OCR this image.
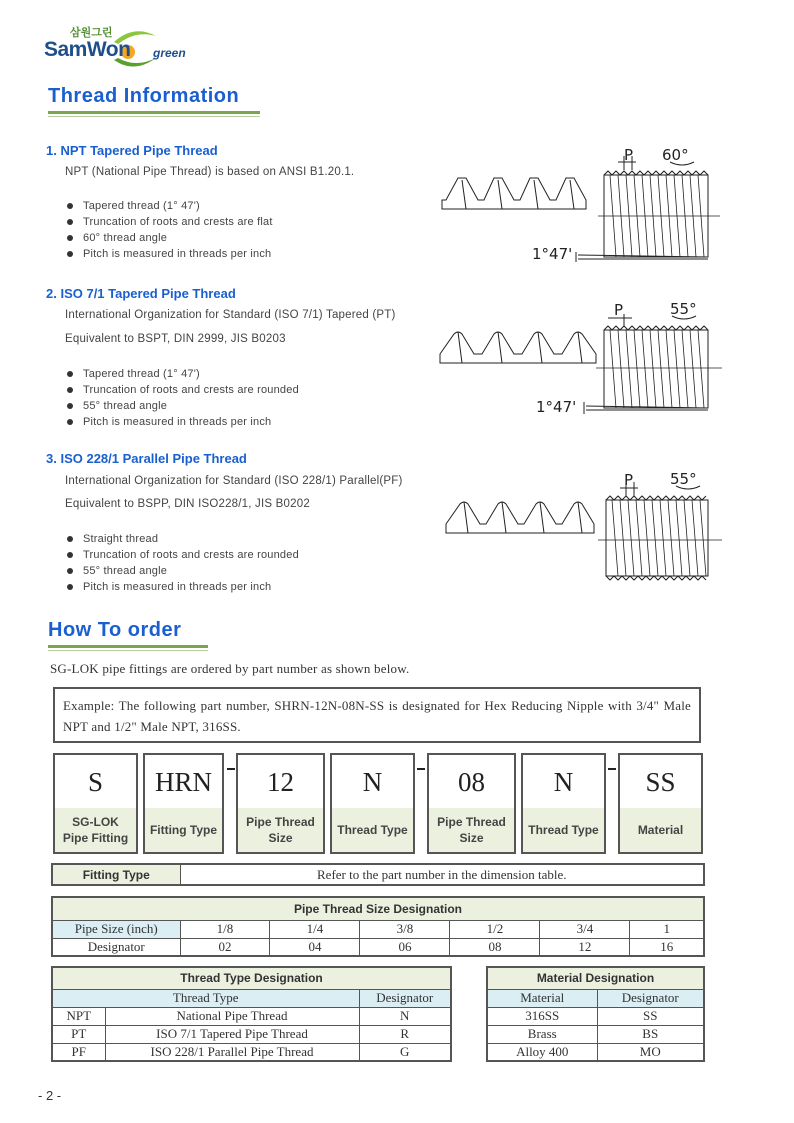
삼원그린
SamWon green
Thread Information
1. NPT Tapered Pipe Thread
NPT (National Pipe Thread) is based on ANSI B1.20.1.
Tapered thread (1° 47')
Truncation of roots and crests are flat
60° thread angle
Pitch is measured in threads per inch
2. ISO 7/1 Tapered Pipe Thread
International Organization for Standard (ISO 7/1) Tapered (PT)
Equivalent to BSPT, DIN 2999, JIS B0203
Tapered thread (1° 47')
Truncation of roots and crests are rounded
55° thread angle
Pitch is measured in threads per inch
3. ISO 228/1 Parallel Pipe Thread
International Organization for Standard (ISO 228/1) Parallel(PF)
Equivalent to BSPP, DIN ISO228/1, JIS B0202
Straight thread
Truncation of roots and crests are rounded
55° thread angle
Pitch is measured in threads per inch
P 60°
1°47'
P	55°
1°47'
P 55°
How To order
SG-LOK pipe fittings are ordered by part number as shown below.
Example: The following part number, SHRN-12N-08N-SS is designated for Hex Reducing Nipple with 3/4" Male NPT and 1/2" Male NPT, 316SS.
S
SG-LOK
Pipe Fitting
HRN
Fitting Type
12
Pipe Thread
Size
N
Thread Type
08
Pipe Thread
Size
N
Thread Type
SS
Material
Fitting Type	Refer to the part number in the dimension table.
Pipe Thread Size Designation						
Pipe Size (inch)	1/8	1/4	3/8	1/2	3/4	1
Designator	02	04	06	08	12	16
Thread Type Designation		
Thread Type		Designator
NPT	National Pipe Thread	N
PT	ISO 7/1 Tapered Pipe Thread	R
PF	ISO 228/1 Parallel Pipe Thread	G
Material Designation	
Material	Designator
316SS	SS
Brass	BS
Alloy 400	MO
- 2 -
